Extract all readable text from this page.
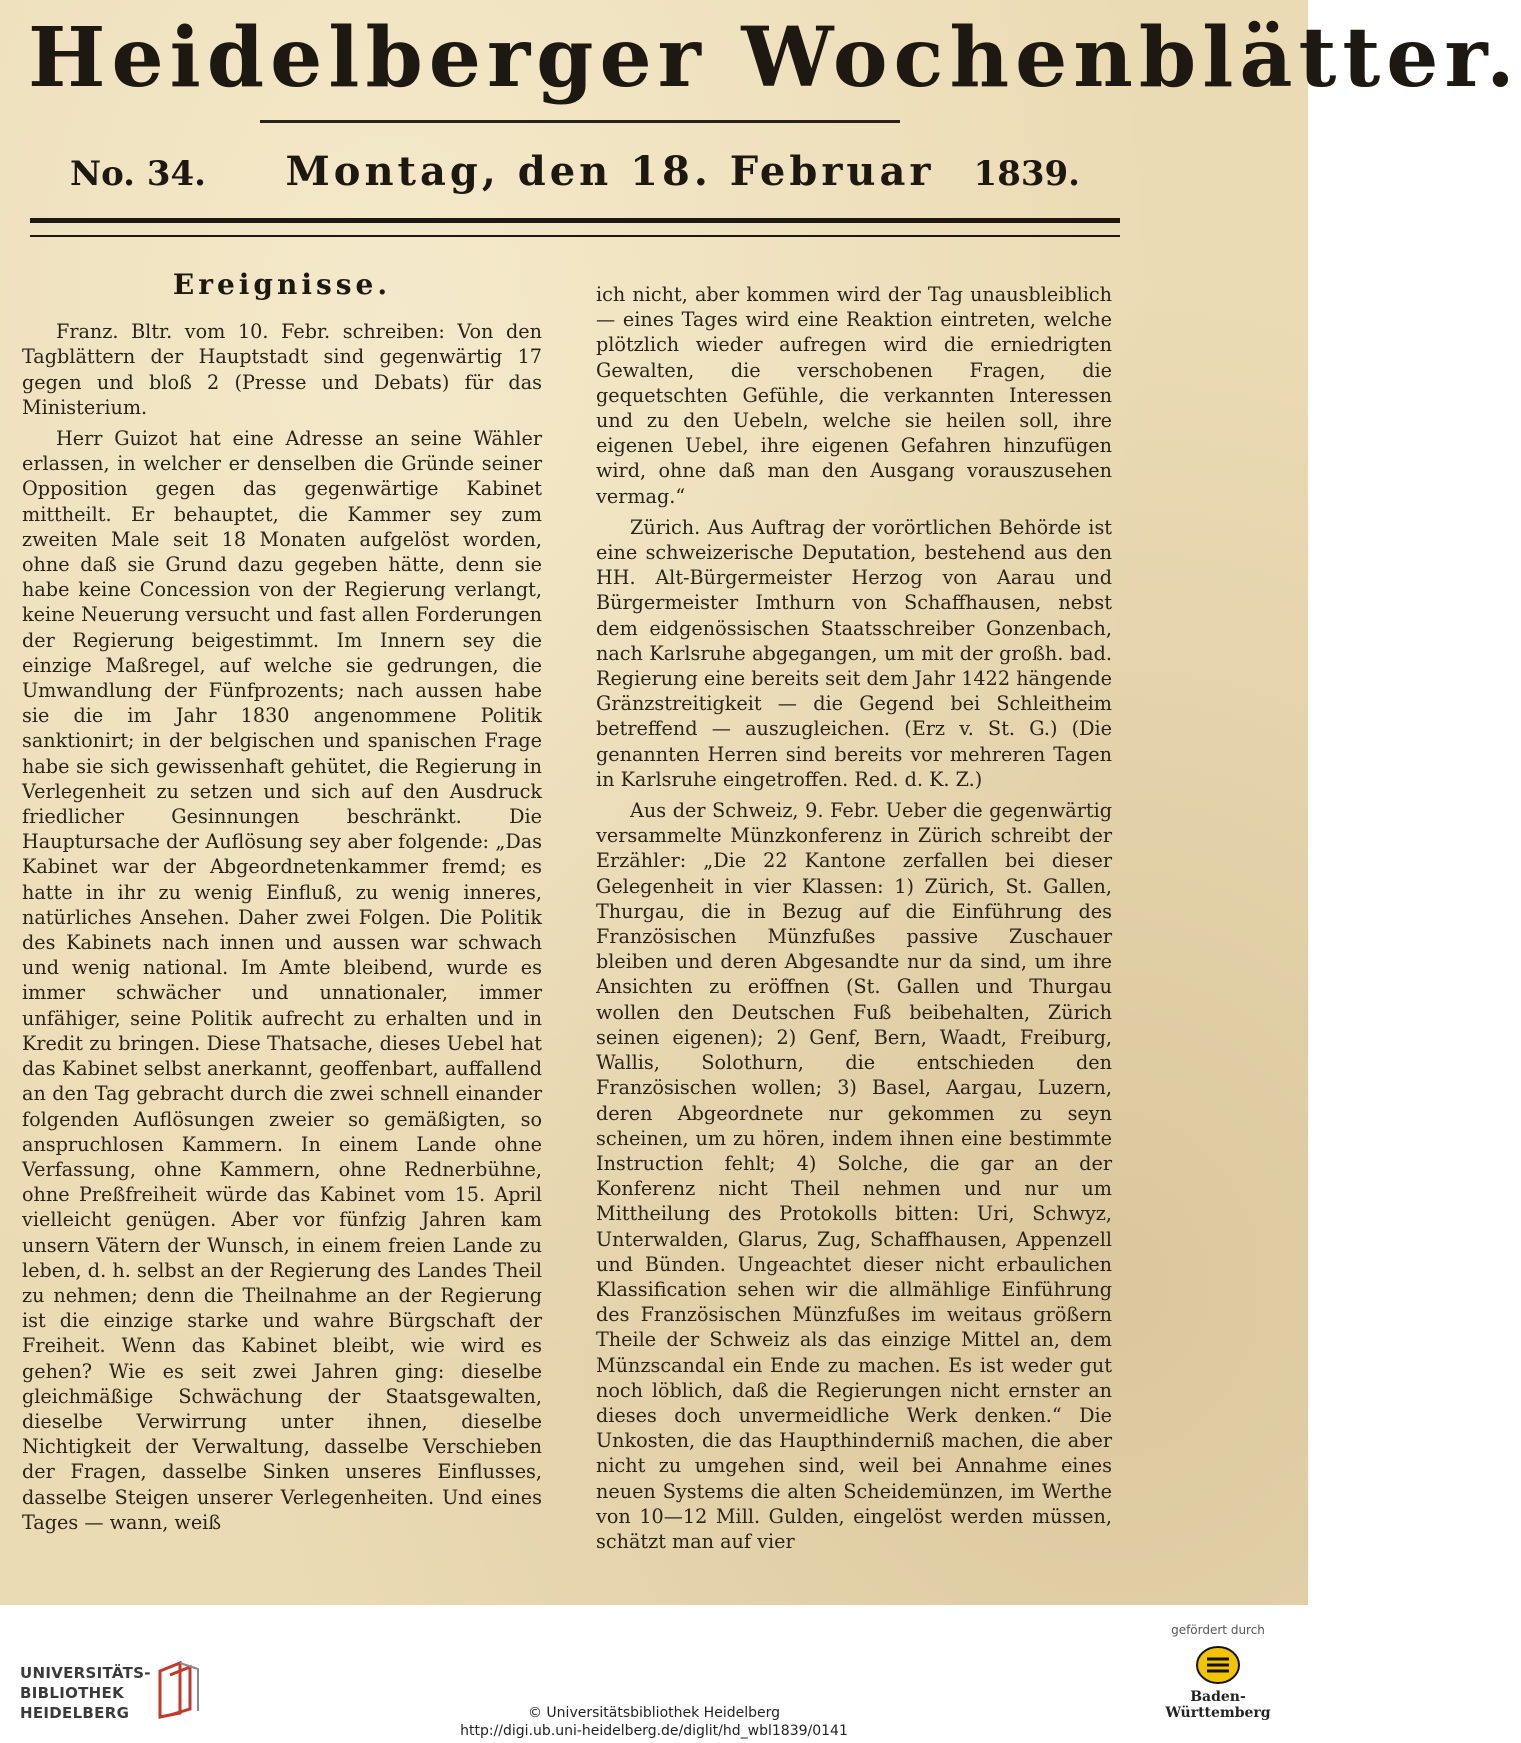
Heidelberger Wochenblätter.
No. 34.	Montag, den 18. Februar	1839.
Ereignisse.

Franz. Bltr. vom 10. Febr. schreiben: Von den Tagblättern der Hauptstadt sind gegenwärtig 17 gegen und bloß 2 (Presse und Debats) für das Ministerium.

Herr Guizot hat eine Adresse an seine Wähler erlassen, in welcher er denselben die Gründe seiner Opposition gegen das gegenwärtige Kabinet mittheilt. Er behauptet, die Kammer sey zum zweiten Male seit 18 Monaten aufgelöst worden, ohne daß sie Grund dazu gegeben hätte, denn sie habe keine Concession von der Regierung verlangt, keine Neuerung versucht und fast allen Forderungen der Regierung beigestimmt. Im Innern sey die einzige Maßregel, auf welche sie gedrungen, die Umwandlung der Fünfprozents; nach aussen habe sie die im Jahr 1830 angenommene Politik sanktionirt; in der belgischen und spanischen Frage habe sie sich gewissenhaft gehütet, die Regierung in Verlegenheit zu setzen und sich auf den Ausdruck friedlicher Gesinnungen beschränkt. Die Hauptursache der Auflösung sey aber folgende: „Das Kabinet war der Abgeordnetenkammer fremd; es hatte in ihr zu wenig Einfluß, zu wenig inneres, natürliches Ansehen. Daher zwei Folgen. Die Politik des Kabinets nach innen und aussen war schwach und wenig national. Im Amte bleibend, wurde es immer schwächer und unnationaler, immer unfähiger, seine Politik aufrecht zu erhalten und in Kredit zu bringen. Diese Thatsache, dieses Uebel hat das Kabinet selbst anerkannt, geoffenbart, auffallend an den Tag gebracht durch die zwei schnell einander folgenden Auflösungen zweier so gemäßigten, so anspruchlosen Kammern. In einem Lande ohne Verfassung, ohne Kammern, ohne Rednerbühne, ohne Preßfreiheit würde das Kabinet vom 15. April vielleicht genügen. Aber vor fünfzig Jahren kam unsern Vätern der Wunsch, in einem freien Lande zu leben, d. h. selbst an der Regierung des Landes Theil zu nehmen; denn die Theilnahme an der Regierung ist die einzige starke und wahre Bürgschaft der Freiheit. Wenn das Kabinet bleibt, wie wird es gehen? Wie es seit zwei Jahren ging: dieselbe gleichmäßige Schwächung der Staatsgewalten, dieselbe Verwirrung unter ihnen, dieselbe Nichtigkeit der Verwaltung, dasselbe Verschieben der Fragen, dasselbe Sinken unseres Einflusses, dasselbe Steigen unserer Verlegenheiten. Und eines Tages — wann, weiß

ich nicht, aber kommen wird der Tag unausbleiblich — eines Tages wird eine Reaktion eintreten, welche plötzlich wieder aufregen wird die erniedrigten Gewalten, die verschobenen Fragen, die gequetschten Gefühle, die verkannten Interessen und zu den Uebeln, welche sie heilen soll, ihre eigenen Uebel, ihre eigenen Gefahren hinzufügen wird, ohne daß man den Ausgang vorauszusehen vermag.“

Zürich. Aus Auftrag der vorörtlichen Behörde ist eine schweizerische Deputation, bestehend aus den HH. Alt-Bürgermeister Herzog von Aarau und Bürgermeister Imthurn von Schaffhausen, nebst dem eidgenössischen Staatsschreiber Gonzenbach, nach Karlsruhe abgegangen, um mit der großh. bad. Regierung eine bereits seit dem Jahr 1422 hängende Gränzstreitigkeit — die Gegend bei Schleitheim betreffend — auszugleichen. (Erz v. St. G.) (Die genannten Herren sind bereits vor mehreren Tagen in Karlsruhe eingetroffen. Red. d. K. Z.)

Aus der Schweiz, 9. Febr. Ueber die gegenwärtig versammelte Münzkonferenz in Zürich schreibt der Erzähler: „Die 22 Kantone zerfallen bei dieser Gelegenheit in vier Klassen: 1) Zürich, St. Gallen, Thurgau, die in Bezug auf die Einführung des Französischen Münzfußes passive Zuschauer bleiben und deren Abgesandte nur da sind, um ihre Ansichten zu eröffnen (St. Gallen und Thurgau wollen den Deutschen Fuß beibehalten, Zürich seinen eigenen); 2) Genf, Bern, Waadt, Freiburg, Wallis, Solothurn, die entschieden den Französischen wollen; 3) Basel, Aargau, Luzern, deren Abgeordnete nur gekommen zu seyn scheinen, um zu hören, indem ihnen eine bestimmte Instruction fehlt; 4) Solche, die gar an der Konferenz nicht Theil nehmen und nur um Mittheilung des Protokolls bitten: Uri, Schwyz, Unterwalden, Glarus, Zug, Schaffhausen, Appenzell und Bünden. Ungeachtet dieser nicht erbaulichen Klassification sehen wir die allmählige Einführung des Französischen Münzfußes im weitaus größern Theile der Schweiz als das einzige Mittel an, dem Münzscandal ein Ende zu machen. Es ist weder gut noch löblich, daß die Regierungen nicht ernster an dieses doch unvermeidliche Werk denken.“ Die Unkosten, die das Haupthinderniß machen, die aber nicht zu umgehen sind, weil bei Annahme eines neuen Systems die alten Scheidemünzen, im Werthe von 10—12 Mill. Gulden, eingelöst werden müssen, schätzt man auf vier

UNIVERSITÄTS-
BIBLIOTHEK
HEIDELBERG	© Universitätsbibliothek Heidelberg
http://digi.ub.uni-heidelberg.de/diglit/hd_wbl1839/0141
gefördert durch
Baden-Württemberg
